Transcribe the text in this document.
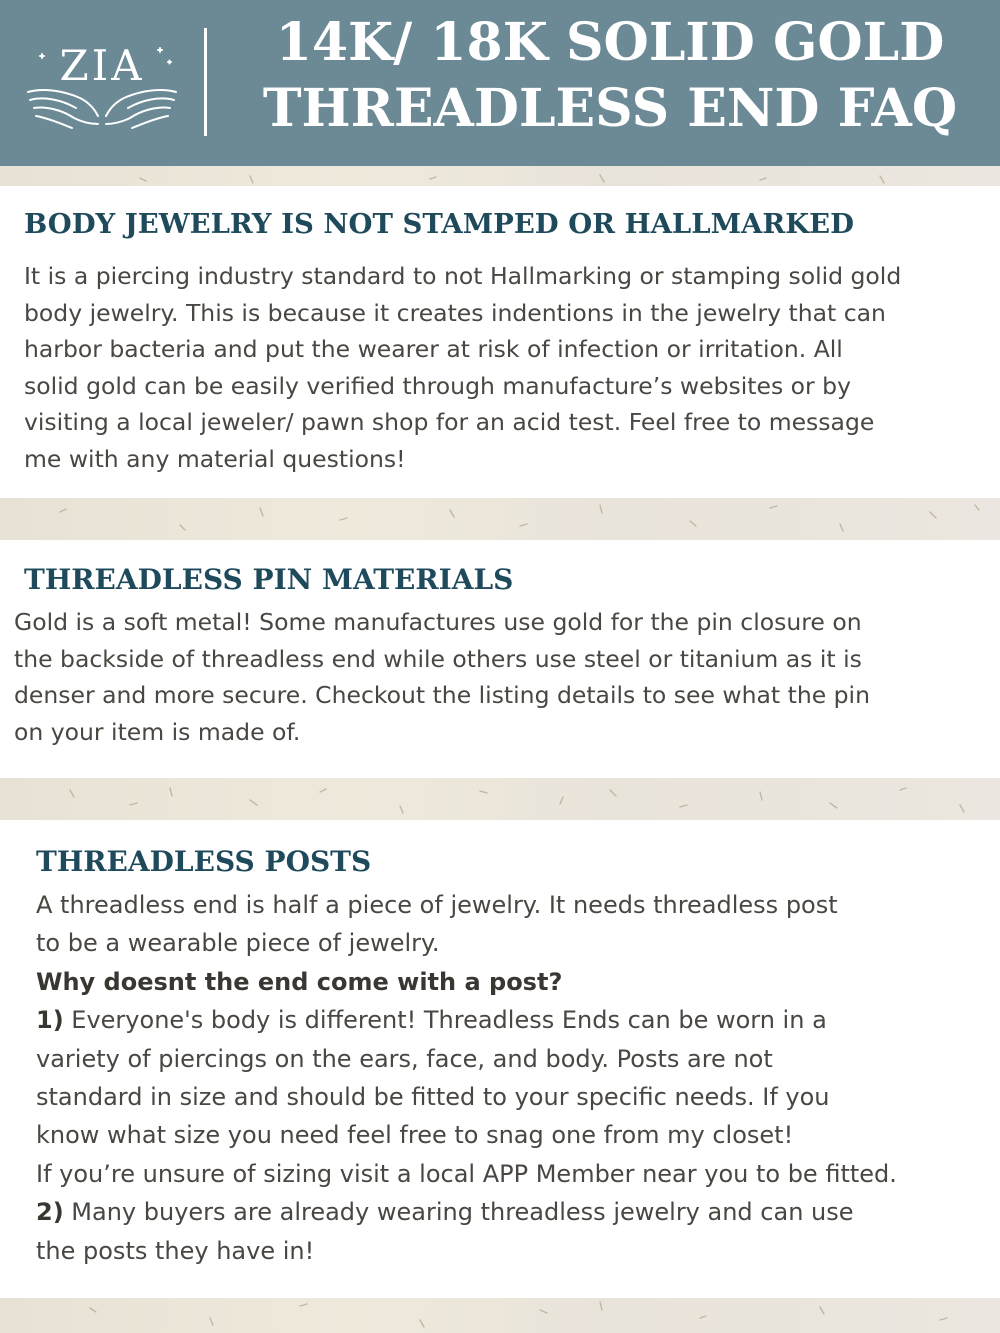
ZIA	14K/ 18K SOLID GOLD
THREADLESS END FAQ
BODY JEWELRY IS NOT STAMPED OR HALLMARKED

It is a piercing industry standard to not Hallmarking or stamping solid gold

body jewelry. This is because it creates indentions in the jewelry that can

harbor bacteria and put the wearer at risk of infection or irritation. All

solid gold can be easily verified through manufacture’s websites or by

visiting a local jeweler/ pawn shop for an acid test. Feel free to message

me with any material questions!

THREADLESS PIN MATERIALS

Gold is a soft metal! Some manufactures use gold for the pin closure on

the backside of threadless end while others use steel or titanium as it is

denser and more secure. Checkout the listing details to see what the pin

on your item is made of.

THREADLESS POSTS

A threadless end is half a piece of jewelry. It needs threadless post

to be a wearable piece of jewelry.

Why doesnt the end come with a post?

1) Everyone's body is different! Threadless Ends can be worn in a

variety of piercings on the ears, face, and body. Posts are not

standard in size and should be fitted to your specific needs. If you

know what size you need feel free to snag one from my closet!

If you’re unsure of sizing visit a local APP Member near you to be fitted.

2) Many buyers are already wearing threadless jewelry and can use

the posts they have in!
